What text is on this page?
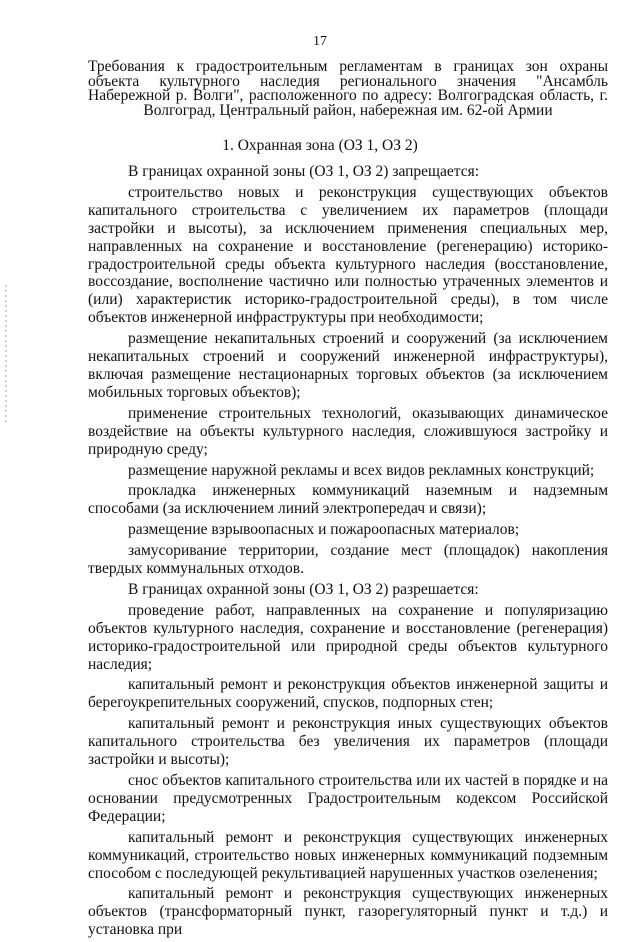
17
Требования к градостроительным регламентам в границах зон охраны объекта культурного наследия регионального значения "Ансамбль Набережной р. Волги", расположенного по адресу: Волгоградская область, г. Волгоград, Центральный район, набережная им. 62-ой Армии
1. Охранная зона (ОЗ 1, ОЗ 2)

В границах охранной зоны (ОЗ 1, ОЗ 2) запрещается:

строительство новых и реконструкция существующих объектов капитального строительства с увеличением их параметров (площади застройки и высоты), за исключением применения специальных мер, направленных на сохранение и восстановление (регенерацию) историко-градостроительной среды объекта культурного наследия (восстановление, воссоздание, восполнение частично или полностью утраченных элементов и (или) характеристик историко-градостроительной среды), в том числе объектов инженерной инфраструктуры при необходимости;

размещение некапитальных строений и сооружений (за исключением некапитальных строений и сооружений инженерной инфраструктуры), включая размещение нестационарных торговых объектов (за исключением мобильных торговых объектов);

применение строительных технологий, оказывающих динамическое воздействие на объекты культурного наследия, сложившуюся застройку и природную среду;

размещение наружной рекламы и всех видов рекламных конструкций;

прокладка инженерных коммуникаций наземным и надземным способами (за исключением линий электропередач и связи);

размещение взрывоопасных и пожароопасных материалов;

замусоривание территории, создание мест (площадок) накопления твердых коммунальных отходов.

В границах охранной зоны (ОЗ 1, ОЗ 2) разрешается:

проведение работ, направленных на сохранение и популяризацию объектов культурного наследия, сохранение и восстановление (регенерация) историко-градостроительной или природной среды объектов культурного наследия;

капитальный ремонт и реконструкция объектов инженерной защиты и берегоукрепительных сооружений, спусков, подпорных стен;

капитальный ремонт и реконструкция иных существующих объектов капитального строительства без увеличения их параметров (площади застройки и высоты);

снос объектов капитального строительства или их частей в порядке и на основании предусмотренных Градостроительным кодексом Российской Федерации;

капитальный ремонт и реконструкция существующих инженерных коммуникаций, строительство новых инженерных коммуникаций подземным способом с последующей рекультивацией нарушенных участков озеленения;

капитальный ремонт и реконструкция существующих инженерных объектов (трансформаторный пункт, газорегуляторный пункт и т.д.) и установка при
